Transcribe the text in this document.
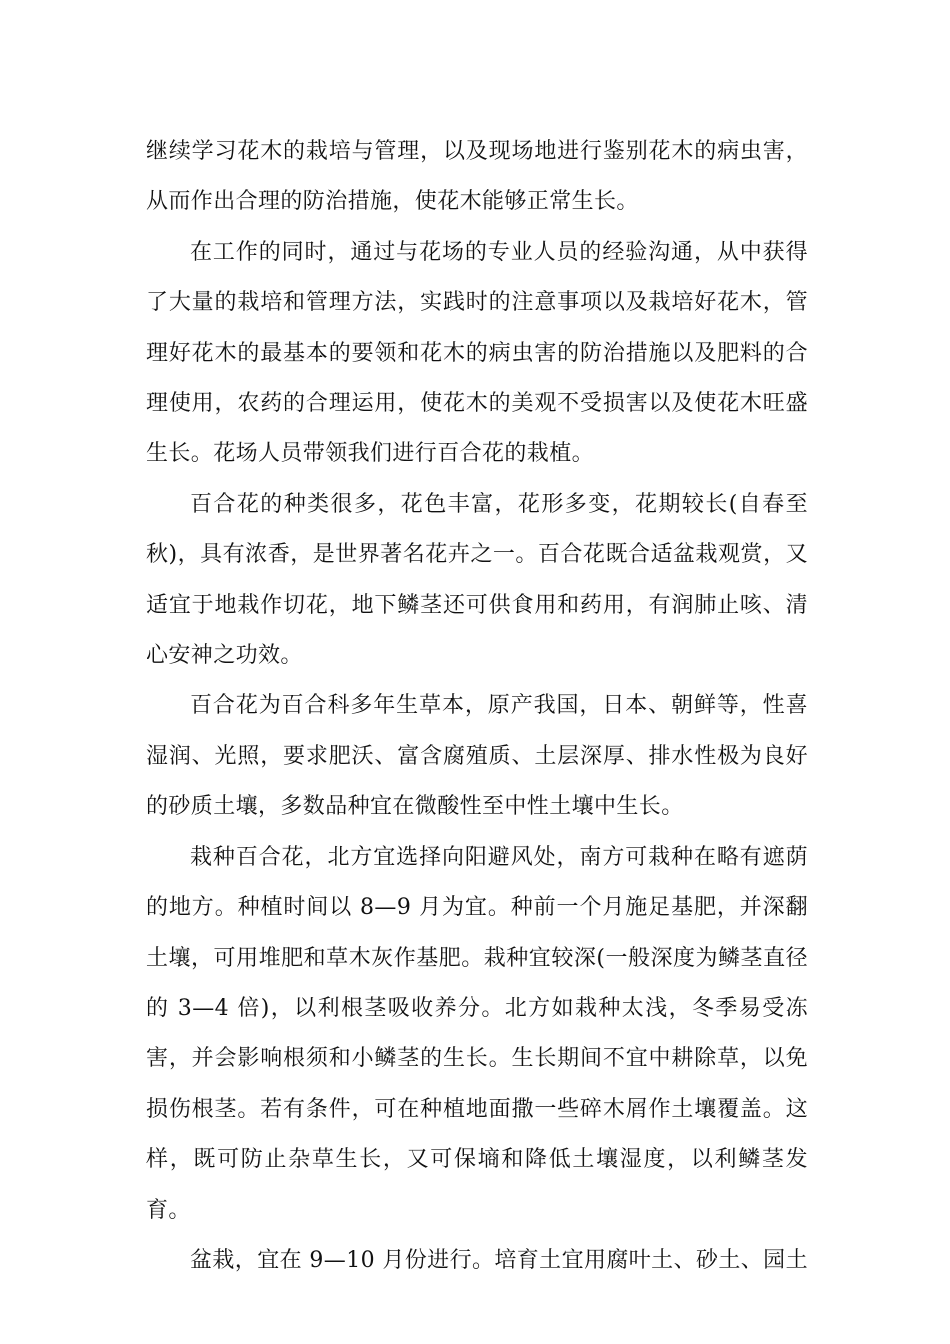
继续学习花木的栽培与管理，以及现场地进行鉴别花木的病虫害，从而作出合理的防治措施，使花木能够正常生长。

在工作的同时，通过与花场的专业人员的经验沟通，从中获得了大量的栽培和管理方法，实践时的注意事项以及栽培好花木，管理好花木的最基本的要领和花木的病虫害的防治措施以及肥料的合理使用，农药的合理运用，使花木的美观不受损害以及使花木旺盛生长。花场人员带领我们进行百合花的栽植。

百合花的种类很多，花色丰富，花形多变，花期较长(自春至秋)，具有浓香，是世界著名花卉之一。百合花既合适盆栽观赏，又适宜于地栽作切花，地下鳞茎还可供食用和药用，有润肺止咳、清心安神之功效。

百合花为百合科多年生草本，原产我国，日本、朝鲜等，性喜湿润、光照，要求肥沃、富含腐殖质、土层深厚、排水性极为良好的砂质土壤，多数品种宜在微酸性至中性土壤中生长。

栽种百合花，北方宜选择向阳避风处，南方可栽种在略有遮荫的地方。种植时间以 8—9 月为宜。种前一个月施足基肥，并深翻土壤，可用堆肥和草木灰作基肥。栽种宜较深(一般深度为鳞茎直径的 3—4 倍)，以利根茎吸收养分。北方如栽种太浅，冬季易受冻害，并会影响根须和小鳞茎的生长。生长期间不宜中耕除草，以免损伤根茎。若有条件，可在种植地面撒一些碎木屑作土壤覆盖。这样，既可防止杂草生长，又可保墒和降低土壤湿度，以利鳞茎发育。

盆栽，宜在 9—10 月份进行。培育土宜用腐叶土、砂土、园土
